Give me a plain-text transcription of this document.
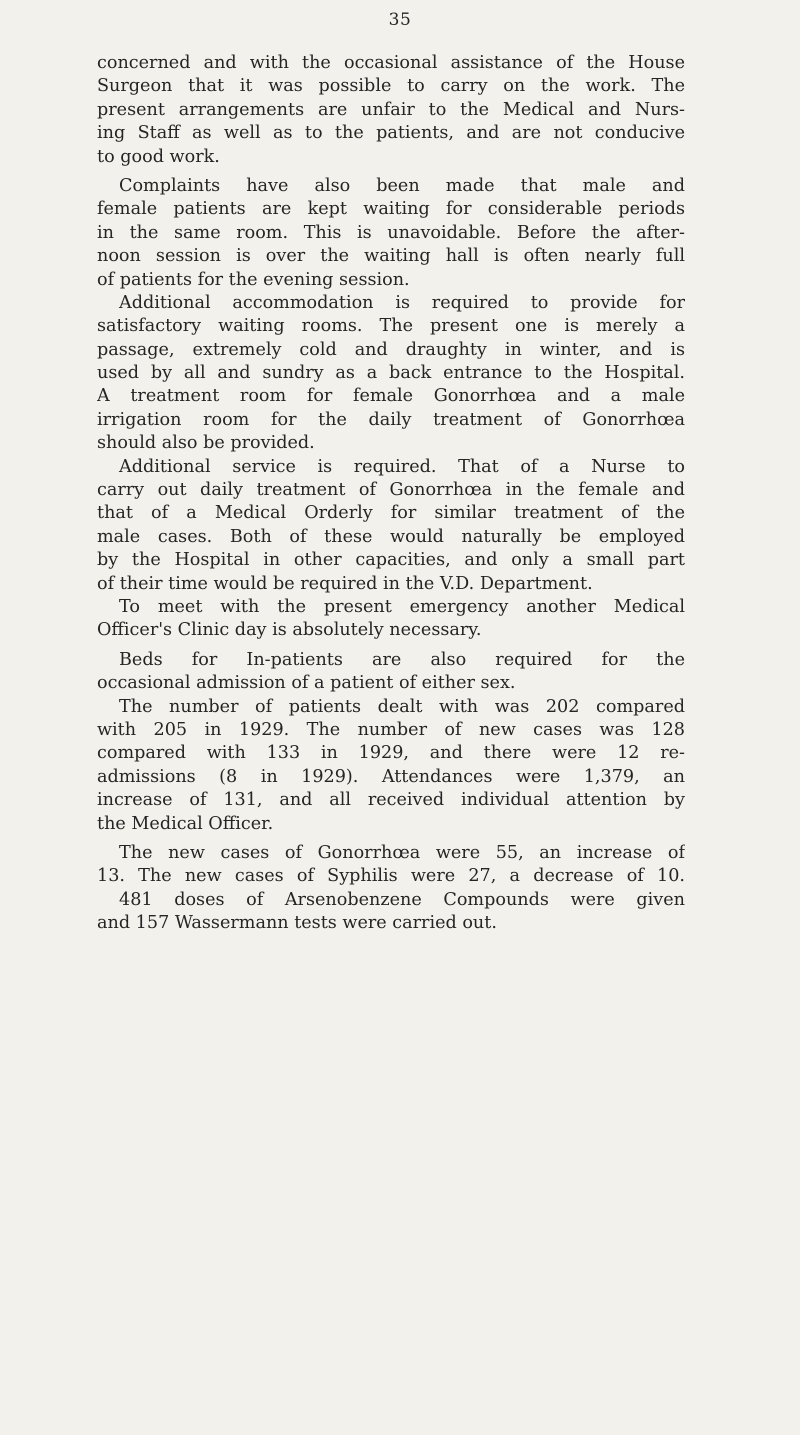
35
concerned and with the occasional assistance of the House
Surgeon that it was possible to carry on the work. The
present arrangements are unfair to the Medical and Nurs-
ing Staff as well as to the patients, and are not conducive
to good work.
Complaints have also been made that male and
female patients are kept waiting for considerable periods
in the same room. This is unavoidable. Before the after-
noon session is over the waiting hall is often nearly full
of patients for the evening session.
Additional accommodation is required to provide for
satisfactory waiting rooms. The present one is merely a
passage, extremely cold and draughty in winter, and is
used by all and sundry as a back entrance to the Hospital.
A treatment room for female Gonorrhœa and a male
irrigation room for the daily treatment of Gonorrhœa
should also be provided.
Additional service is required. That of a Nurse to
carry out daily treatment of Gonorrhœa in the female and
that of a Medical Orderly for similar treatment of the
male cases. Both of these would naturally be employed
by the Hospital in other capacities, and only a small part
of their time would be required in the V.D. Department.
To meet with the present emergency another Medical
Officer's Clinic day is absolutely necessary.
Beds for In-patients are also required for the
occasional admission of a patient of either sex.
The number of patients dealt with was 202 compared
with 205 in 1929. The number of new cases was 128
compared with 133 in 1929, and there were 12 re-
admissions (8 in 1929). Attendances were 1,379, an
increase of 131, and all received individual attention by
the Medical Officer.
The new cases of Gonorrhœa were 55, an increase of
13. The new cases of Syphilis were 27, a decrease of 10.
481 doses of Arsenobenzene Compounds were given
and 157 Wassermann tests were carried out.
